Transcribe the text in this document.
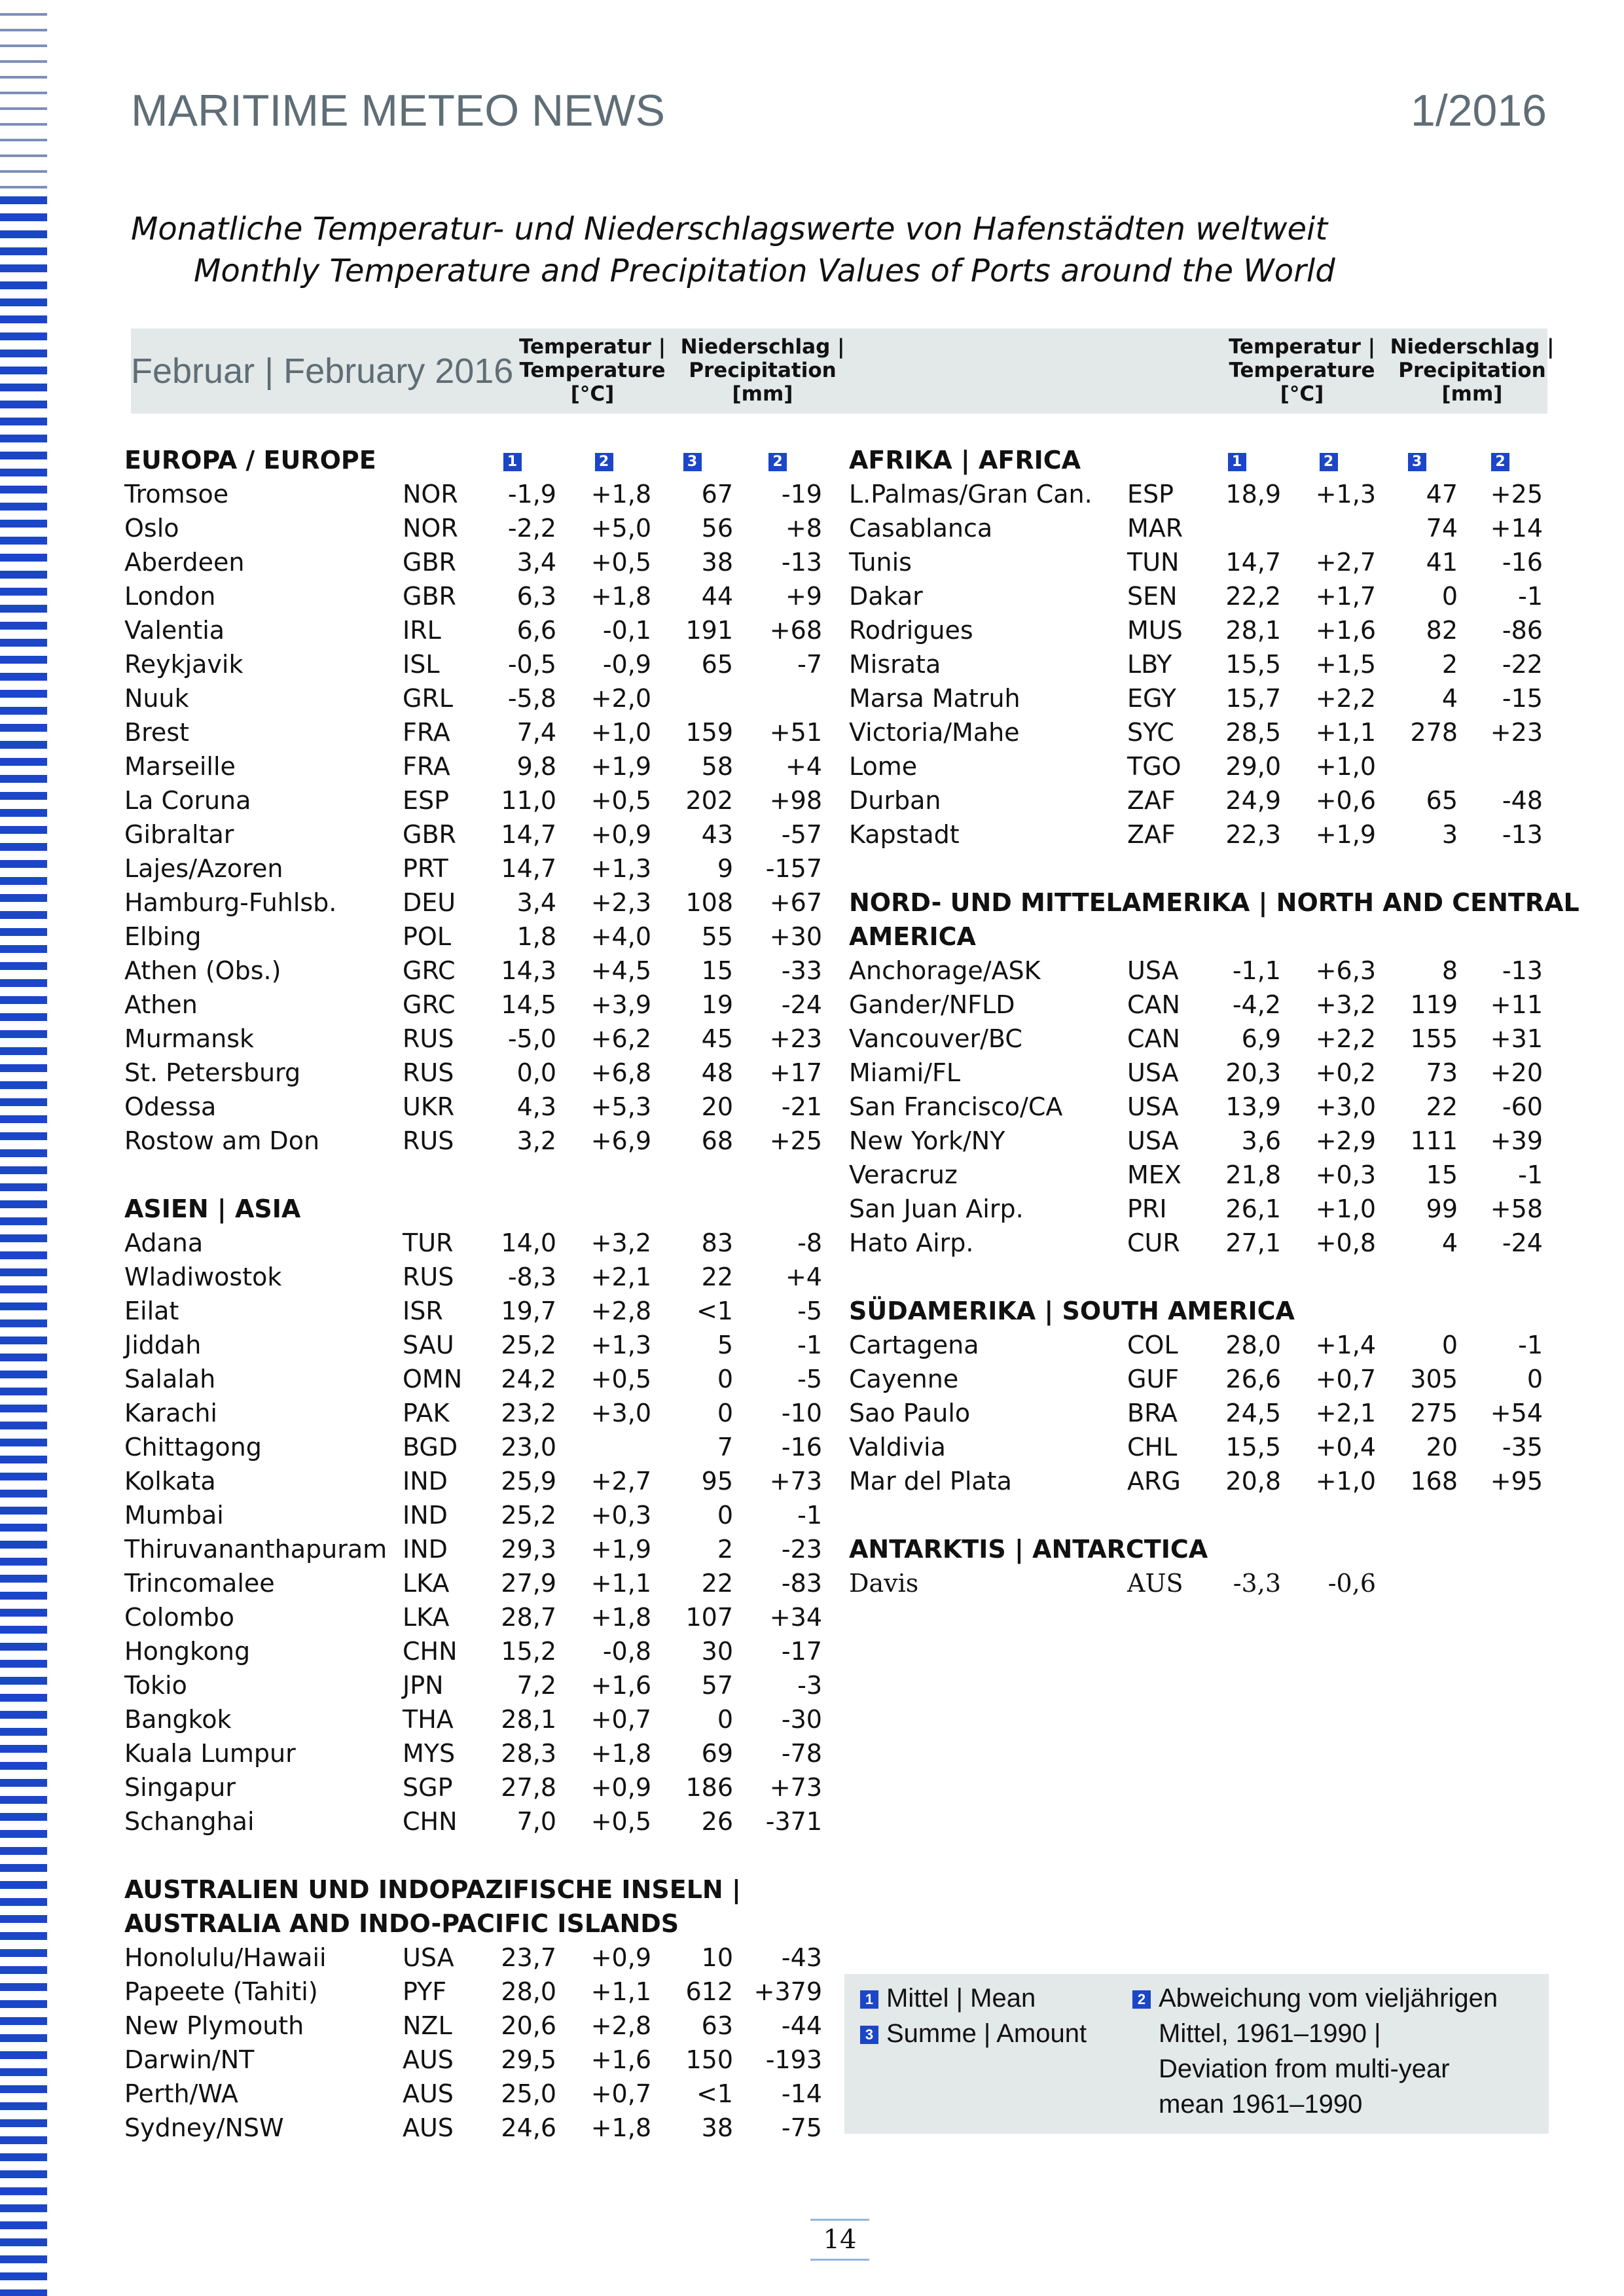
MARITIME METEO NEWS	1/2016
Monatliche Temperatur- und Niederschlagswerte von Hafenstädten weltweit
Monthly Temperature and Precipitation Values of Ports around the World
Februar | February 2016
Temperatur |
Temperature
[°C]
Niederschlag |
Precipitation
[mm]
Temperatur |
Temperature
[°C]
Niederschlag |
Precipitation
[mm]
EUROPA / EUROPE		1	2	3	2
Tromsoe	NOR	-1,9	+1,8	67	-19
Oslo	NOR	-2,2	+5,0	56	+8
Aberdeen	GBR	3,4	+0,5	38	-13
London	GBR	6,3	+1,8	44	+9
Valentia	IRL	6,6	-0,1	191	+68
Reykjavik	ISL	-0,5	-0,9	65	-7
Nuuk	GRL	-5,8	+2,0		
Brest	FRA	7,4	+1,0	159	+51
Marseille	FRA	9,8	+1,9	58	+4
La Coruna	ESP	11,0	+0,5	202	+98
Gibraltar	GBR	14,7	+0,9	43	-57
Lajes/Azoren	PRT	14,7	+1,3	9	-157
Hamburg-Fuhlsb.	DEU	3,4	+2,3	108	+67
Elbing	POL	1,8	+4,0	55	+30
Athen (Obs.)	GRC	14,3	+4,5	15	-33
Athen	GRC	14,5	+3,9	19	-24
Murmansk	RUS	-5,0	+6,2	45	+23
St. Petersburg	RUS	0,0	+6,8	48	+17
Odessa	UKR	4,3	+5,3	20	-21
Rostow am Don	RUS	3,2	+6,9	68	+25

ASIEN | ASIA					
Adana	TUR	14,0	+3,2	83	-8
Wladiwostok	RUS	-8,3	+2,1	22	+4
Eilat	ISR	19,7	+2,8	<1	-5
Jiddah	SAU	25,2	+1,3	5	-1
Salalah	OMN	24,2	+0,5	0	-5
Karachi	PAK	23,2	+3,0	0	-10
Chittagong	BGD	23,0		7	-16
Kolkata	IND	25,9	+2,7	95	+73
Mumbai	IND	25,2	+0,3	0	-1
Thiruvananthapuram	IND	29,3	+1,9	2	-23
Trincomalee	LKA	27,9	+1,1	22	-83
Colombo	LKA	28,7	+1,8	107	+34
Hongkong	CHN	15,2	-0,8	30	-17
Tokio	JPN	7,2	+1,6	57	-3
Bangkok	THA	28,1	+0,7	0	-30
Kuala Lumpur	MYS	28,3	+1,8	69	-78
Singapur	SGP	27,8	+0,9	186	+73
Schanghai	CHN	7,0	+0,5	26	-371

AUSTRALIEN UND INDOPAZIFISCHE INSELN |					
AUSTRALIA AND INDO-PACIFIC ISLANDS					
Honolulu/Hawaii	USA	23,7	+0,9	10	-43
Papeete (Tahiti)	PYF	28,0	+1,1	612	+379
New Plymouth	NZL	20,6	+2,8	63	-44
Darwin/NT	AUS	29,5	+1,6	150	-193
Perth/WA	AUS	25,0	+0,7	<1	-14
Sydney/NSW	AUS	24,6	+1,8	38	-75
AFRIKA | AFRICA		1	2	3	2
L.Palmas/Gran Can.	ESP	18,9	+1,3	47	+25
Casablanca	MAR			74	+14
Tunis	TUN	14,7	+2,7	41	-16
Dakar	SEN	22,2	+1,7	0	-1
Rodrigues	MUS	28,1	+1,6	82	-86
Misrata	LBY	15,5	+1,5	2	-22
Marsa Matruh	EGY	15,7	+2,2	4	-15
Victoria/Mahe	SYC	28,5	+1,1	278	+23
Lome	TGO	29,0	+1,0		
Durban	ZAF	24,9	+0,6	65	-48
Kapstadt	ZAF	22,3	+1,9	3	-13

NORD- UND MITTELAMERIKA | NORTH AND CENTRAL					
AMERICA					
Anchorage/ASK	USA	-1,1	+6,3	8	-13
Gander/NFLD	CAN	-4,2	+3,2	119	+11
Vancouver/BC	CAN	6,9	+2,2	155	+31
Miami/FL	USA	20,3	+0,2	73	+20
San Francisco/CA	USA	13,9	+3,0	22	-60
New York/NY	USA	3,6	+2,9	111	+39
Veracruz	MEX	21,8	+0,3	15	-1
San Juan Airp.	PRI	26,1	+1,0	99	+58
Hato Airp.	CUR	27,1	+0,8	4	-24

SÜDAMERIKA | SOUTH AMERICA					
Cartagena	COL	28,0	+1,4	0	-1
Cayenne	GUF	26,6	+0,7	305	0
Sao Paulo	BRA	24,5	+2,1	275	+54
Valdivia	CHL	15,5	+0,4	20	-35
Mar del Plata	ARG	20,8	+1,0	168	+95

ANTARKTIS | ANTARCTICA					
Davis	AUS	-3,3	-0,6		
1 Mittel | Mean
3 Summe | Amount
2 Abweichung vom vieljährigen
Mittel, 1961–1990 |
Deviation from multi-year
mean 1961–1990
14
